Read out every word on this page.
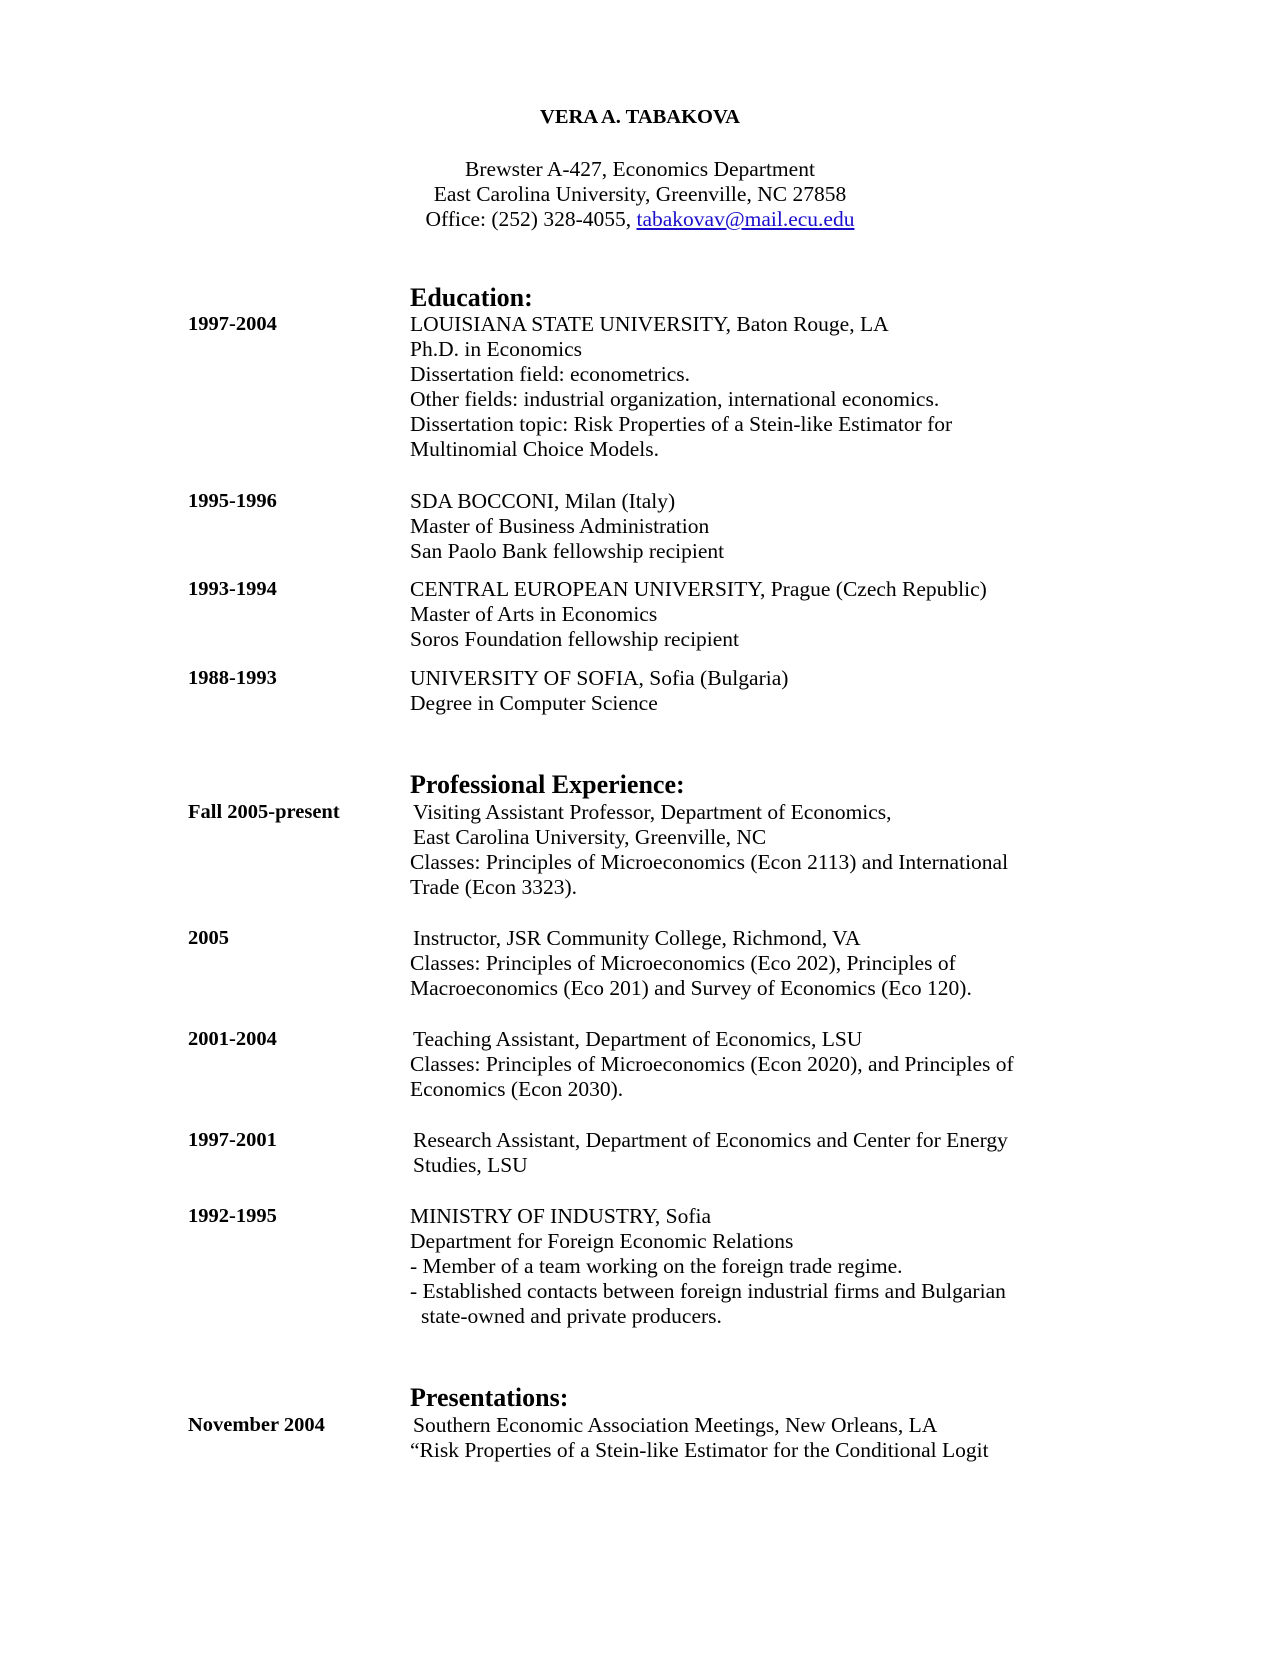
VERA A. TABAKOVA
Brewster A-427, Economics Department
East Carolina University, Greenville, NC 27858
Office: (252) 328-4055, tabakovav@mail.ecu.edu
Education:
1997-2004	LOUISIANA STATE UNIVERSITY, Baton Rouge, LA
Ph.D. in Economics
Dissertation field: econometrics.
Other fields: industrial organization, international economics.
Dissertation topic: Risk Properties of a Stein-like Estimator for
Multinomial Choice Models.
1995-1996	SDA BOCCONI, Milan (Italy)
Master of Business Administration
San Paolo Bank fellowship recipient
1993-1994	CENTRAL EUROPEAN UNIVERSITY, Prague (Czech Republic)
Master of Arts in Economics
Soros Foundation fellowship recipient
1988-1993	UNIVERSITY OF SOFIA, Sofia (Bulgaria)
Degree in Computer Science
Professional Experience:
Fall 2005-present	Visiting Assistant Professor, Department of Economics,
East Carolina University, Greenville, NC
Classes: Principles of Microeconomics (Econ 2113) and International
Trade (Econ 3323).
2005	Instructor, JSR Community College, Richmond, VA
Classes: Principles of Microeconomics (Eco 202), Principles of
Macroeconomics (Eco 201) and Survey of Economics (Eco 120).
2001-2004	Teaching Assistant, Department of Economics, LSU
Classes: Principles of Microeconomics (Econ 2020), and Principles of
Economics (Econ 2030).
1997-2001	Research Assistant, Department of Economics and Center for Energy
Studies, LSU
1992-1995	MINISTRY OF INDUSTRY, Sofia
Department for Foreign Economic Relations
- Member of a team working on the foreign trade regime.
- Established contacts between foreign industrial firms and Bulgarian
state-owned and private producers.
Presentations:
November 2004	Southern Economic Association Meetings, New Orleans, LA
“Risk Properties of a Stein-like Estimator for the Conditional Logit
